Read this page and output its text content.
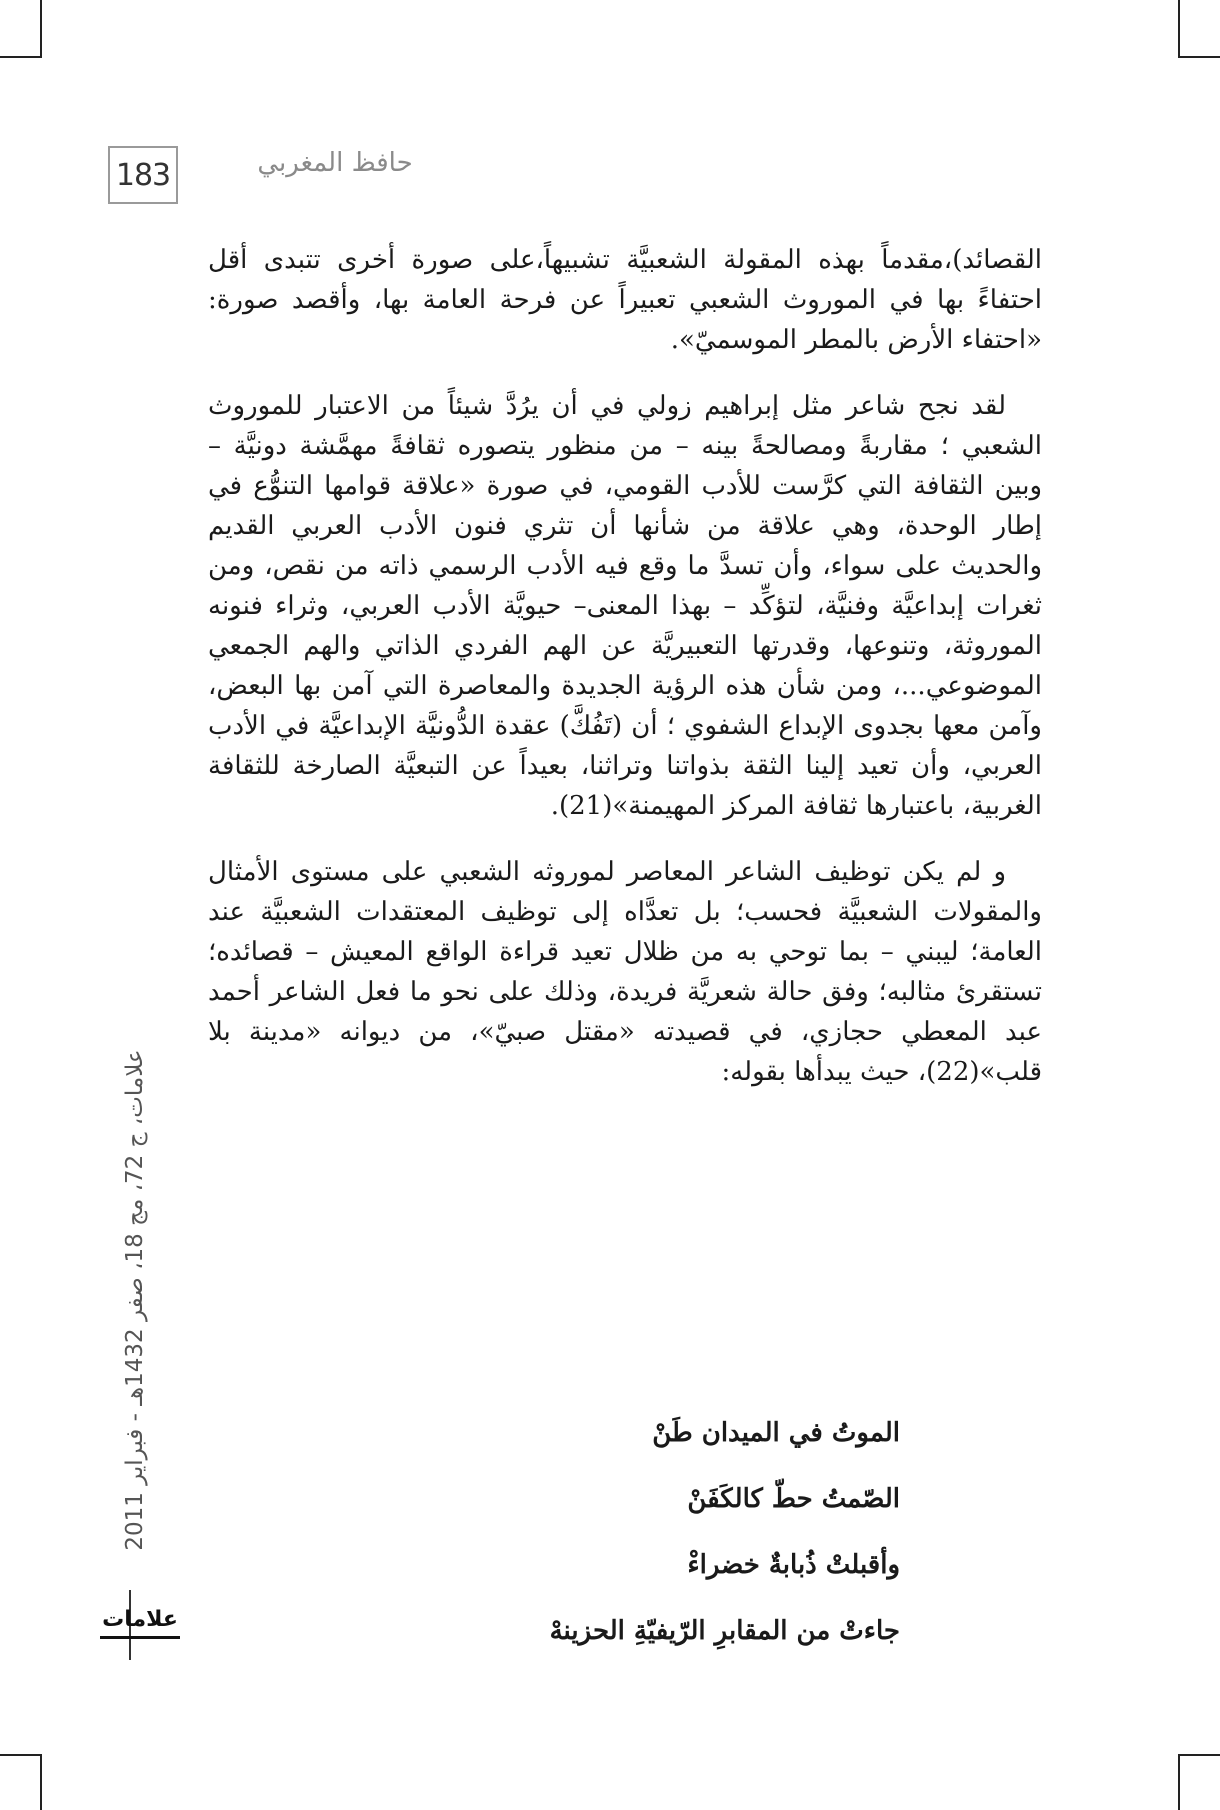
183	حافظ المغربي
علامات، ج 72، مج 18، صفر 1432هـ - فبراير 2011
علامات

القصائد)،مقدماً بهذه المقولة الشعبيَّة تشبيهاً،على صورة أخرى تتبدى أقل احتفاءً بها في الموروث الشعبي تعبيراً عن فرحة العامة بها، وأقصد صورة: «احتفاء الأرض بالمطر الموسميّ».

لقد نجح شاعر مثل إبراهيم زولي في أن يرُدَّ شيئاً من الاعتبار للموروث الشعبي ؛ مقاربةً ومصالحةً بينه – من منظور يتصوره ثقافةً مهمَّشة دونيَّة – وبين الثقافة التي كرَّست للأدب القومي، في صورة «علاقة قوامها التنوُّع في إطار الوحدة، وهي علاقة من شأنها أن تثري فنون الأدب العربي القديم والحديث على سواء، وأن تسدَّ ما وقع فيه الأدب الرسمي ذاته من نقص، ومن ثغرات إبداعيَّة وفنيَّة، لتؤكِّد – بهذا المعنى– حيويَّة الأدب العربي، وثراء فنونه الموروثة، وتنوعها، وقدرتها التعبيريَّة عن الهم الفردي الذاتي والهم الجمعي الموضوعي...، ومن شأن هذه الرؤية الجديدة والمعاصرة التي آمن بها البعض، وآمن معها بجدوى الإبداع الشفوي ؛ أن (تَفُكَّ) عقدة الدُّونيَّة الإبداعيَّة في الأدب العربي، وأن تعيد إلينا الثقة بذواتنا وتراثنا، بعيداً عن التبعيَّة الصارخة للثقافة الغربية، باعتبارها ثقافة المركز المهيمنة»(21).

و لم يكن توظيف الشاعر المعاصر لموروثه الشعبي على مستوى الأمثال والمقولات الشعبيَّة فحسب؛ بل تعدَّاه إلى توظيف المعتقدات الشعبيَّة عند العامة؛ ليبني – بما توحي به من ظلال تعيد قراءة الواقع المعيش – قصائده؛ تستقرئ مثالبه؛ وفق حالة شعريَّة فريدة، وذلك على نحو ما فعل الشاعر أحمد عبد المعطي حجازي، في قصيدته «مقتل صبيّ»، من ديوانه «مدينة بلا قلب»(22)، حيث يبدأها بقوله:

الموتُ في الميدان طَنْ
الصّمتُ حطّ كالكَفَنْ
وأقبلتْ ذُبابةٌ خضراءْ
جاءتْ من المقابرِ الرّيفيّةِ الحزينهْ
